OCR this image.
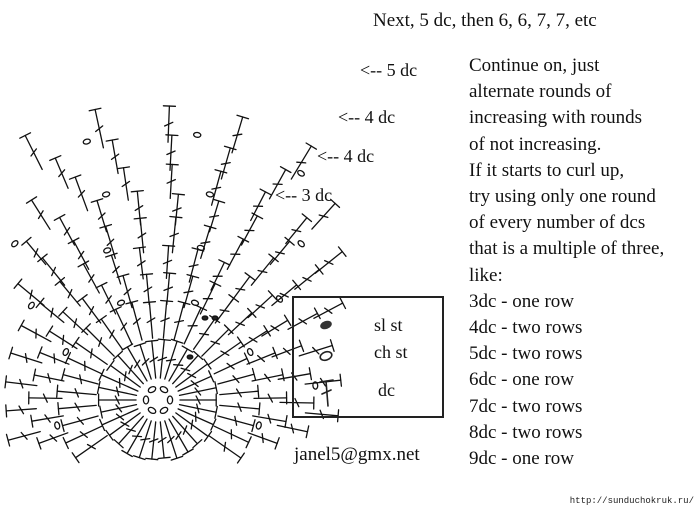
Next, 5 dc, then 6, 6, 7, 7, etc
<-- 5 dc
<-- 4 dc
<-- 4 dc
<-- 3 dc
Continue on, just
alternate rounds of
increasing with rounds
of not increasing.
If it starts to curl up,
try using only one round
of every number of dcs
that is a multiple of three,
like:
3dc - one row
4dc - two rows
5dc - two rows
6dc - one row
7dc - two rows
8dc - two rows
9dc - one row
sl st
ch st
dc
janel5@gmx.net
http://sunduchokruk.ru/
